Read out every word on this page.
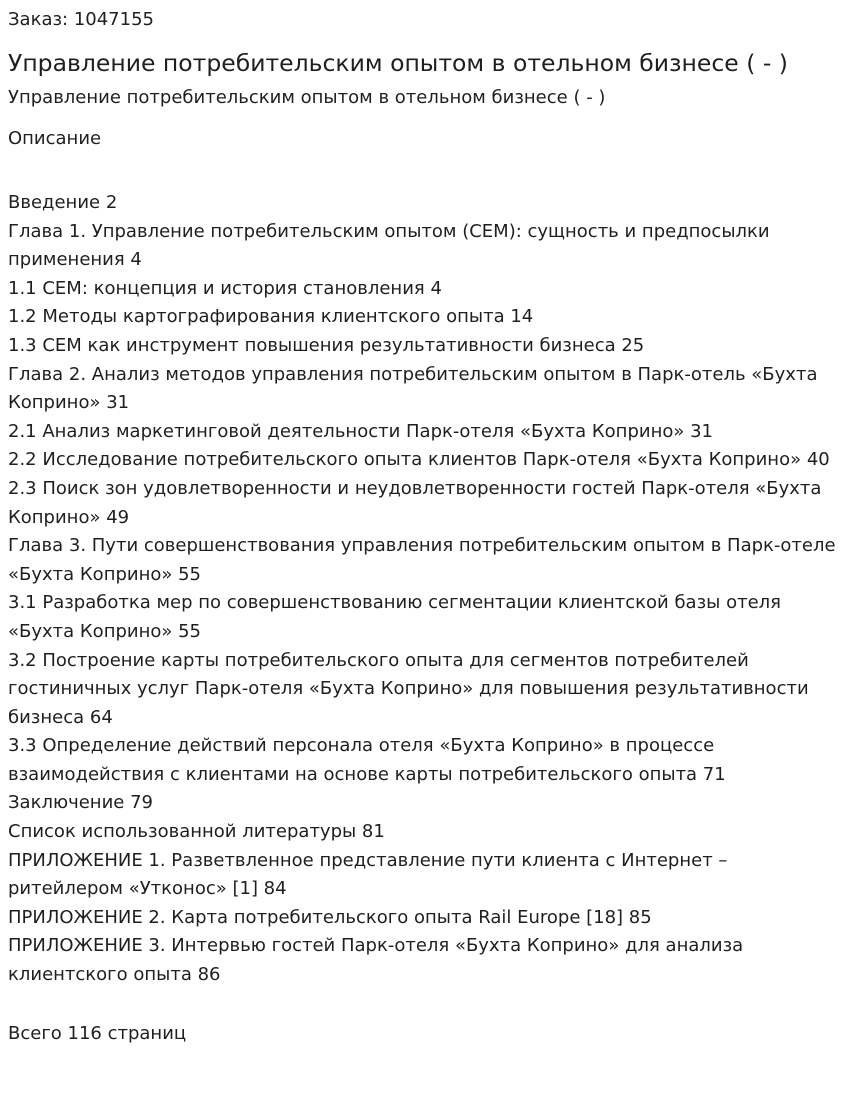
Заказ: 1047155

Управление потребительским опытом в отельном бизнесе ( - )

Управление потребительским опытом в отельном бизнесе ( - )

Описание

Введение 2
Глава 1. Управление потребительским опытом (CEM): сущность и предпосылки применения 4
1.1 CEM: концепция и история становления 4
1.2 Методы картографирования клиентского опыта 14
1.3 CEM как инструмент повышения результативности бизнеса 25
Глава 2. Анализ методов управления потребительским опытом в Парк-отель «Бухта Коприно» 31
2.1 Анализ маркетинговой деятельности Парк-отеля «Бухта Коприно» 31
2.2 Исследование потребительского опыта клиентов Парк-отеля «Бухта Коприно» 40
2.3 Поиск зон удовлетворенности и неудовлетворенности гостей Парк-отеля «Бухта Коприно» 49
Глава 3. Пути совершенствования управления потребительским опытом в Парк-отеле «Бухта Коприно» 55
3.1 Разработка мер по совершенствованию сегментации клиентской базы отеля «Бухта Коприно» 55
3.2 Построение карты потребительского опыта для сегментов потребителей гостиничных услуг Парк-отеля «Бухта Коприно» для повышения результативности бизнеса 64
3.3 Определение действий персонала отеля «Бухта Коприно» в процессе взаимодействия с клиентами на основе карты потребительского опыта 71
Заключение 79
Список использованной литературы 81
ПРИЛОЖЕНИЕ 1. Разветвленное представление пути клиента с Интернет – ритейлером «Утконос» [1] 84
ПРИЛОЖЕНИЕ 2. Карта потребительского опыта Rail Europe [18] 85
ПРИЛОЖЕНИЕ 3. Интервью гостей Парк-отеля «Бухта Коприно» для анализа клиентского опыта 86

Всего 116 страниц
